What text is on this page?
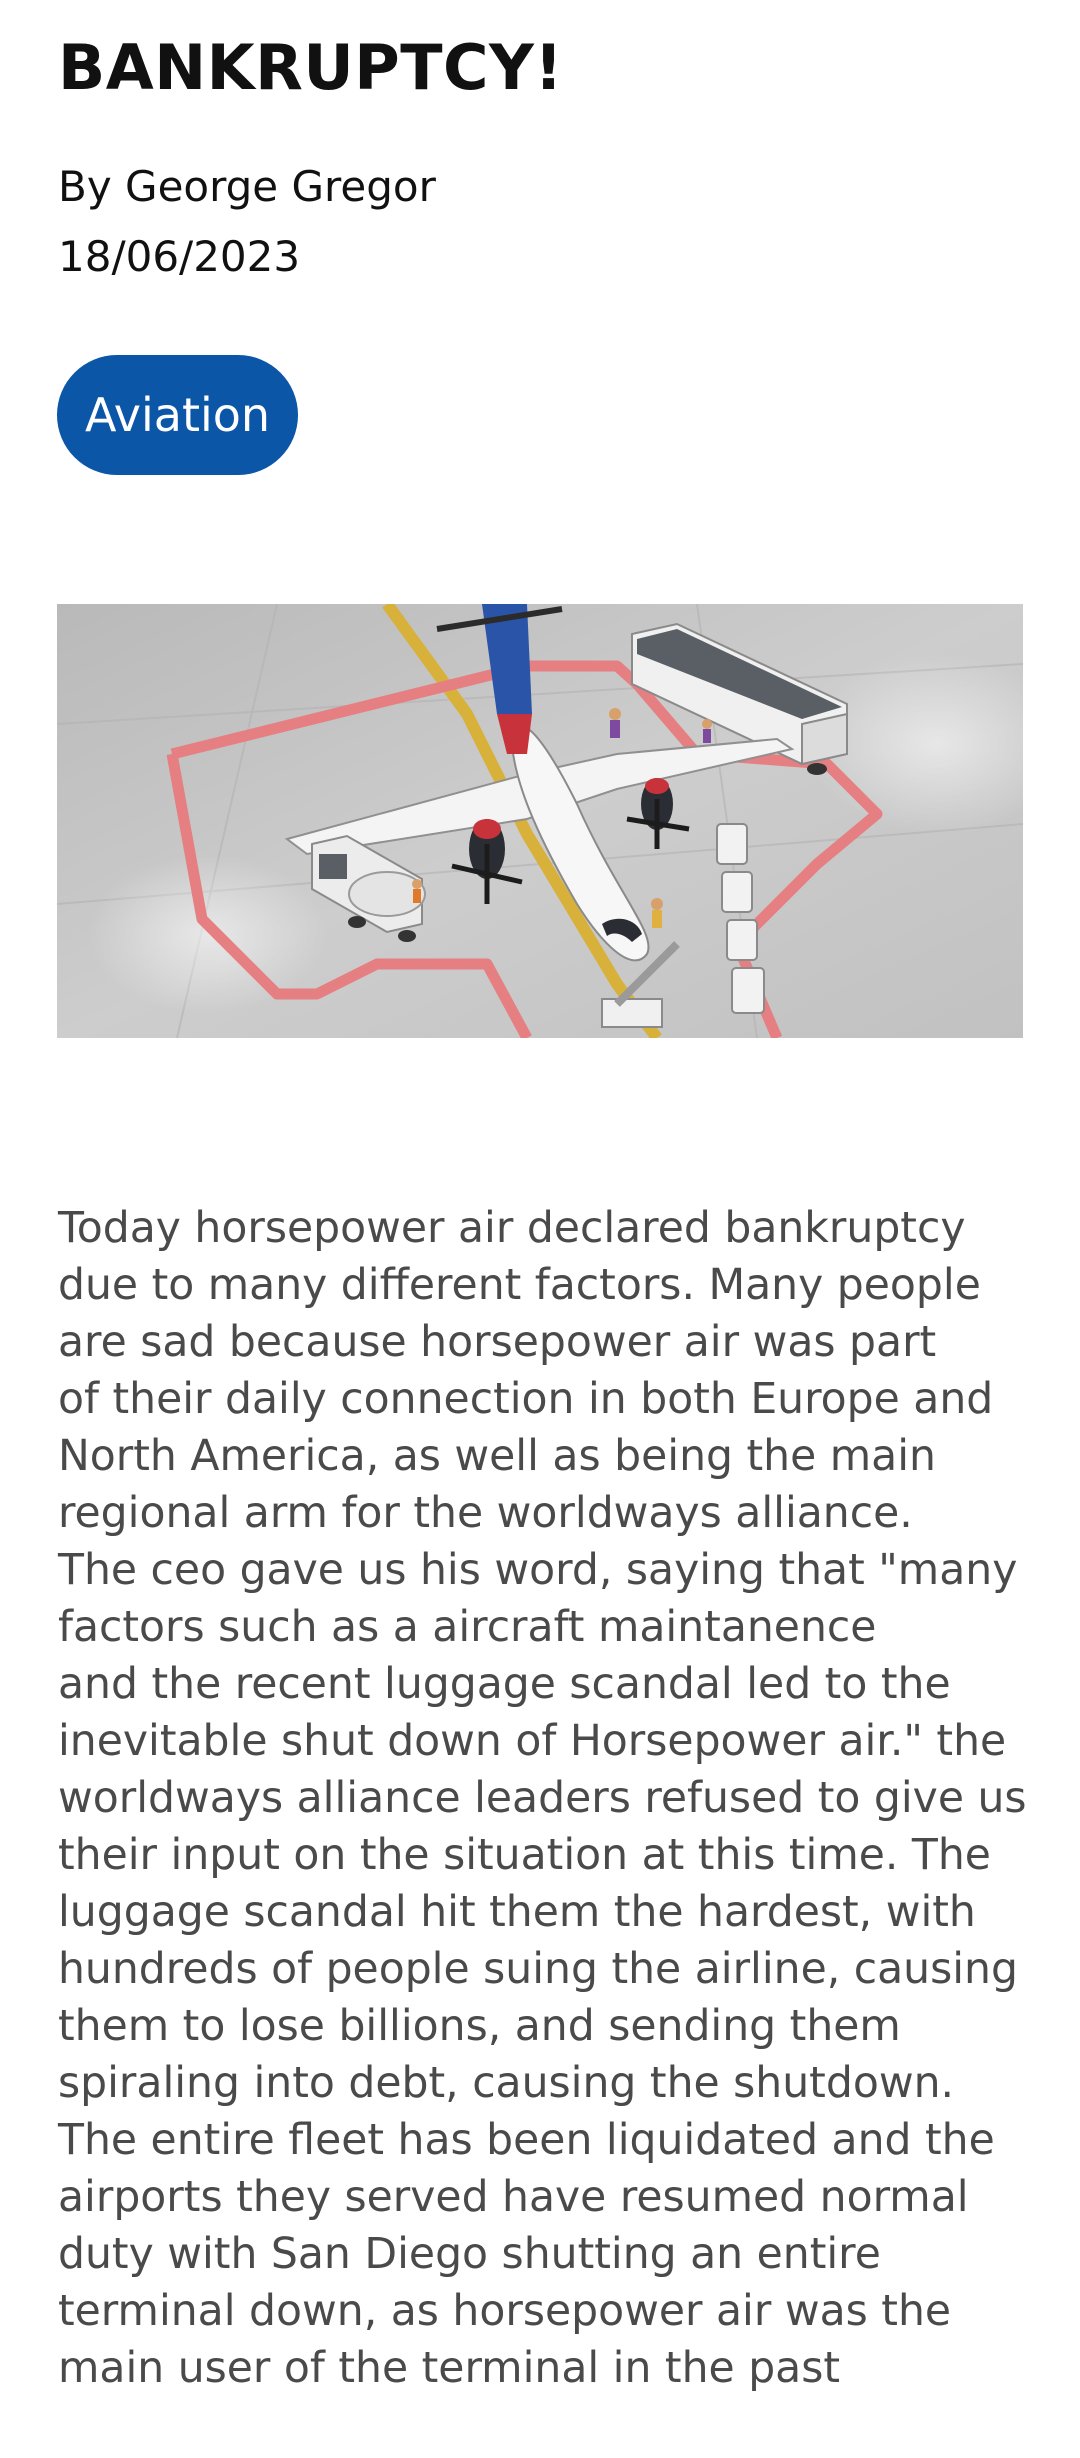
BANKRUPTCY!
By George Gregor
18/06/2023
Aviation

Today horsepower air declared bankruptcy
due to many different factors. Many people
are sad because horsepower air was part
of their daily connection in both Europe and
North America, as well as being the main
regional arm for the worldways alliance.
The ceo gave us his word, saying that "many
factors such as a aircraft maintanence
and the recent luggage scandal led to the
inevitable shut down of Horsepower air." the
worldways alliance leaders refused to give us
their input on the situation at this time. The
luggage scandal hit them the hardest, with
hundreds of people suing the airline, causing
them to lose billions, and sending them
spiraling into debt, causing the shutdown.
The entire fleet has been liquidated and the
airports they served have resumed normal
duty with San Diego shutting an entire
terminal down, as horsepower air was the
main user of the terminal in the past
